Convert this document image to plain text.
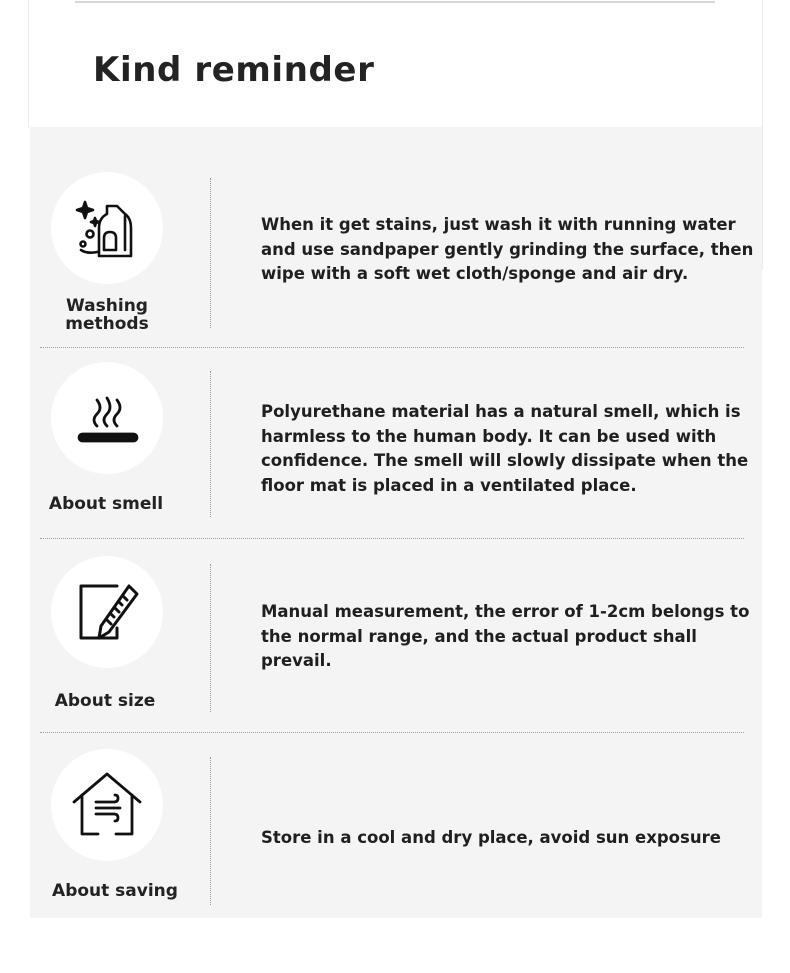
Kind reminder
Washing
methods

When it get stains, just wash it with running water and use sandpaper gently grinding the surface, then wipe with a soft wet cloth/sponge and air dry.

About smell

Polyurethane material has a natural smell, which is harmless to the human body. It can be used with confidence. The smell will slowly dissipate when the floor mat is placed in a ventilated place.

About size

Manual measurement, the error of 1-2cm belongs to the normal range, and the actual product shall prevail.

About saving

Store in a cool and dry place, avoid sun exposure
